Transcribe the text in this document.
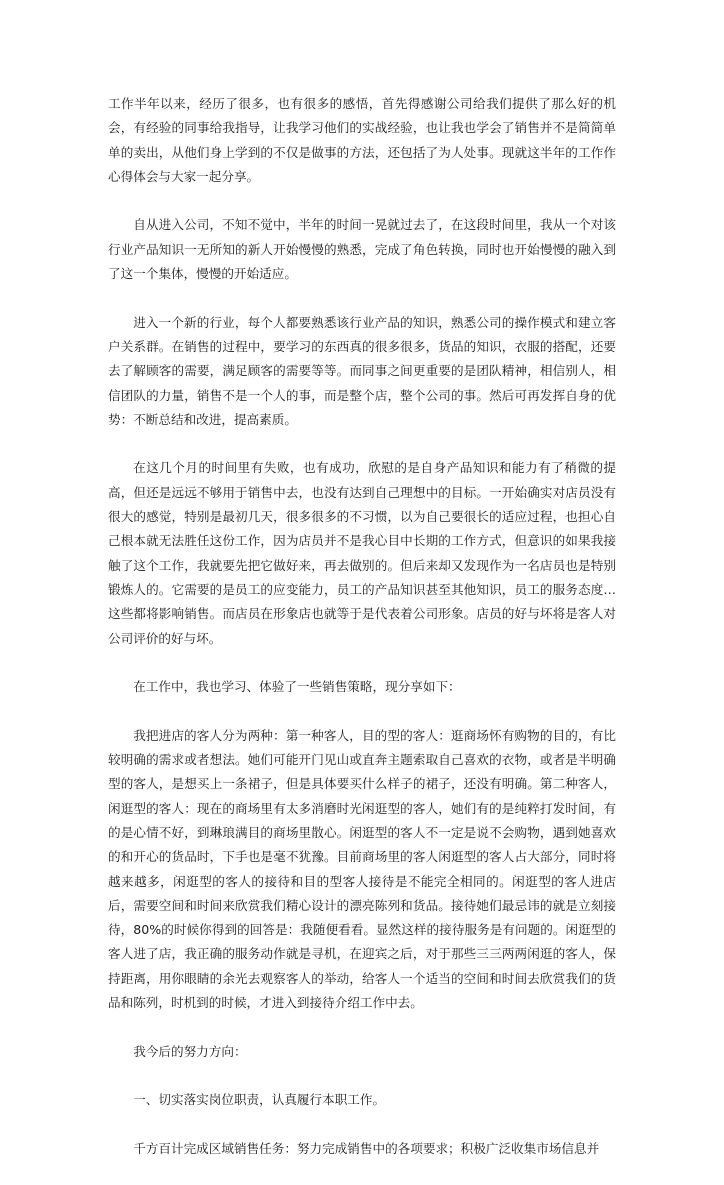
工作半年以来，经历了很多，也有很多的感悟，首先得感谢公司给我们提供了那么好的机会，有经验的同事给我指导，让我学习他们的实战经验，也让我也学会了销售并不是简简单单的卖出，从他们身上学到的不仅是做事的方法，还包括了为人处事。现就这半年的工作作心得体会与大家一起分享。

自从进入公司，不知不觉中，半年的时间一晃就过去了，在这段时间里，我从一个对该行业产品知识一无所知的新人开始慢慢的熟悉，完成了角色转换，同时也开始慢慢的融入到了这一个集体，慢慢的开始适应。

进入一个新的行业，每个人都要熟悉该行业产品的知识，熟悉公司的操作模式和建立客户关系群。在销售的过程中，要学习的东西真的很多很多，货品的知识，衣服的搭配，还要去了解顾客的需要，满足顾客的需要等等。而同事之间更重要的是团队精神，相信别人，相信团队的力量，销售不是一个人的事，而是整个店，整个公司的事。然后可再发挥自身的优势：不断总结和改进，提高素质。

在这几个月的时间里有失败，也有成功，欣慰的是自身产品知识和能力有了稍微的提高，但还是远远不够用于销售中去，也没有达到自己理想中的目标。一开始确实对店员没有很大的感觉，特别是最初几天，很多很多的不习惯，以为自己要很长的适应过程，也担心自己根本就无法胜任这份工作，因为店员并不是我心目中长期的工作方式，但意识的如果我接触了这个工作，我就要先把它做好来，再去做别的。但后来却又发现作为一名店员也是特别锻炼人的。它需要的是员工的应变能力，员工的产品知识甚至其他知识，员工的服务态度…这些都将影响销售。而店员在形象店也就等于是代表着公司形象。店员的好与坏将是客人对公司评价的好与坏。

在工作中，我也学习、体验了一些销售策略，现分享如下：

我把进店的客人分为两种：第一种客人，目的型的客人：逛商场怀有购物的目的，有比较明确的需求或者想法。她们可能开门见山或直奔主题索取自己喜欢的衣物，或者是半明确型的客人，是想买上一条裙子，但是具体要买什么样子的裙子，还没有明确。第二种客人，闲逛型的客人：现在的商场里有太多消磨时光闲逛型的客人，她们有的是纯粹打发时间，有的是心情不好，到琳琅满目的商场里散心。闲逛型的客人不一定是说不会购物，遇到她喜欢的和开心的货品时，下手也是毫不犹豫。目前商场里的客人闲逛型的客人占大部分，同时将越来越多，闲逛型的客人的接待和目的型客人接待是不能完全相同的。闲逛型的客人进店后，需要空间和时间来欣赏我们精心设计的漂亮陈列和货品。接待她们最忌讳的就是立刻接待，80%的时候你得到的回答是：我随便看看。显然这样的接待服务是有问题的。闲逛型的客人进了店，我正确的服务动作就是寻机，在迎宾之后，对于那些三三两两闲逛的客人，保持距离，用你眼睛的余光去观察客人的举动，给客人一个适当的空间和时间去欣赏我们的货品和陈列，时机到的时候，才进入到接待介绍工作中去。

我今后的努力方向：

一、切实落实岗位职责，认真履行本职工作。

千方百计完成区域销售任务：努力完成销售中的各项要求；积极广泛收集市场信息并
